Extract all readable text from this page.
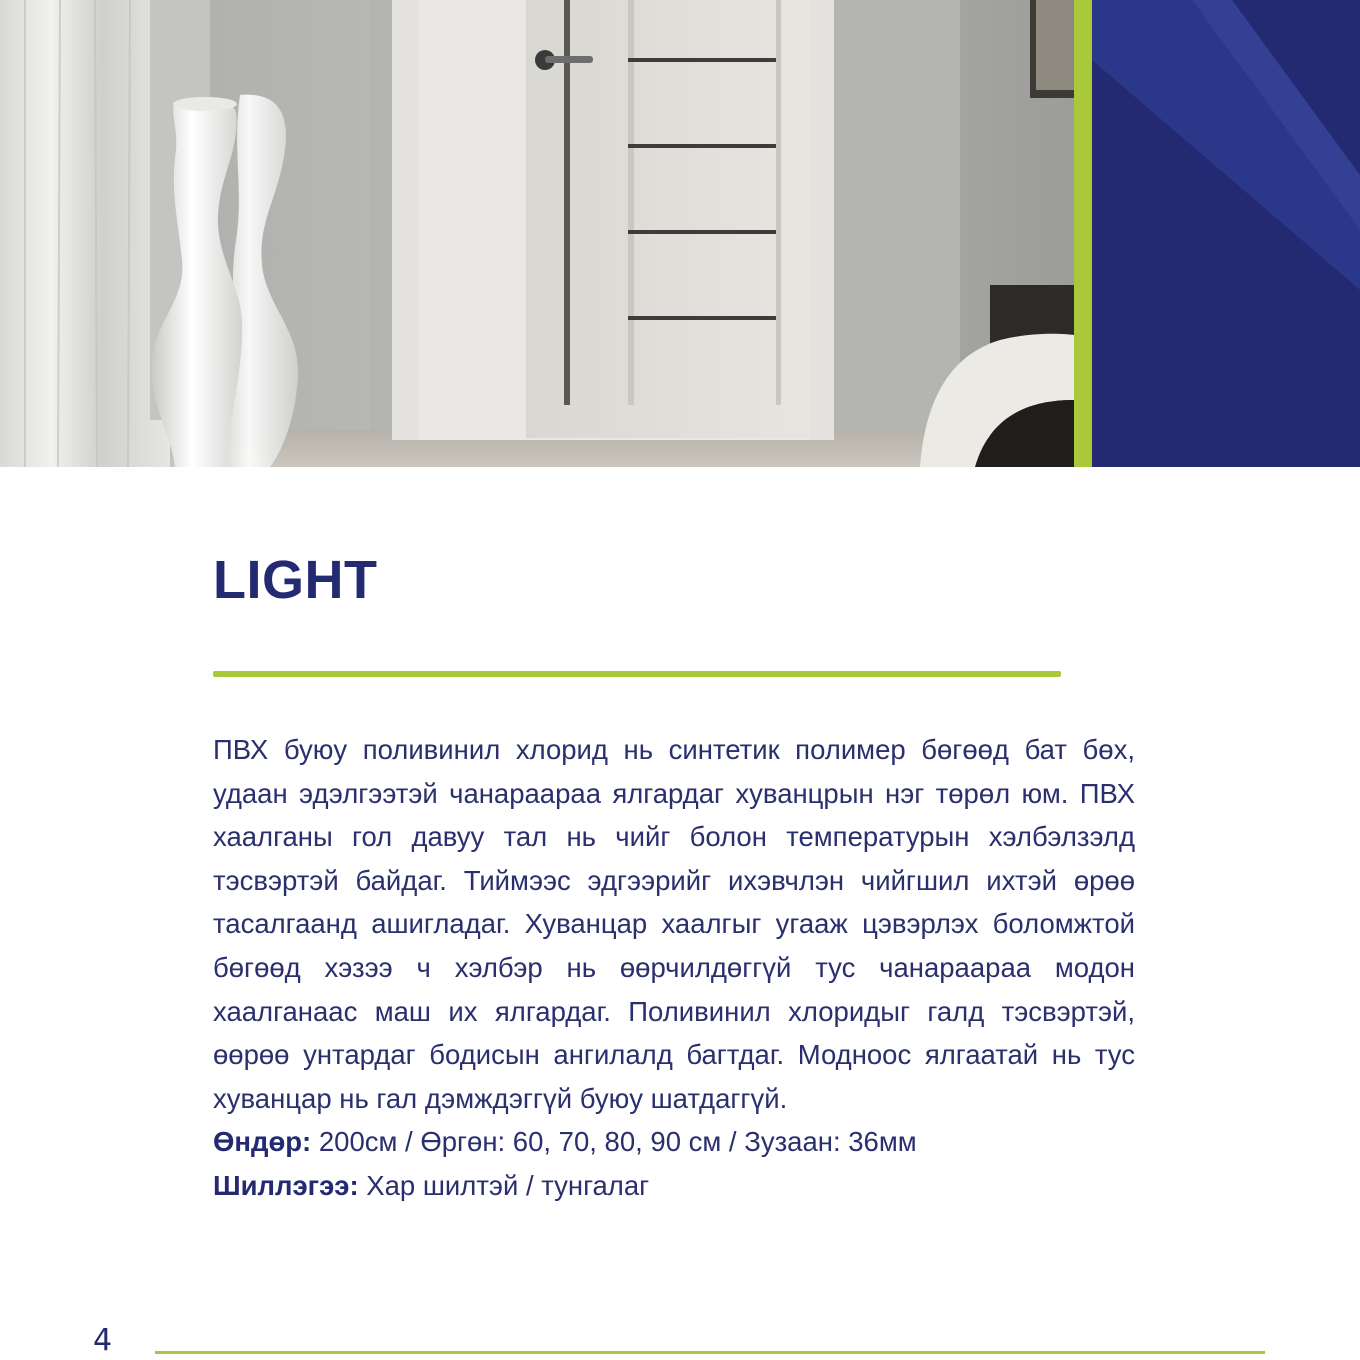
LIGHT

ПВХ буюу поливинил хлорид нь синтетик полимер бөгөөд бат бөх, удаан эдэлгээтэй чанараараа ялгардаг хуванцрын нэг төрөл юм. ПВХ хаалганы гол давуу тал нь чийг болон температурын хэлбэлзэлд тэсвэртэй байдаг. Тиймээс эдгээрийг ихэвчлэн чийгшил ихтэй өрөө тасалгаанд ашигладаг. Хуванцар хаалгыг угааж цэвэрлэх боломжтой бөгөөд хэзээ ч хэлбэр нь өөрчилдөггүй тус чанараараа модон хаалганаас маш их ялгардаг. Поливинил хлоридыг галд тэсвэртэй, өөрөө унтардаг бодисын ангилалд багтдаг. Модноос ялгаатай нь тус хуванцар нь гал дэмждэггүй буюу шатдаггүй.

Өндөр: 200см / Өргөн: 60, 70, 80, 90 см / Зузаан: 36мм

Шиллэгээ: Хар шилтэй / тунгалаг

4
